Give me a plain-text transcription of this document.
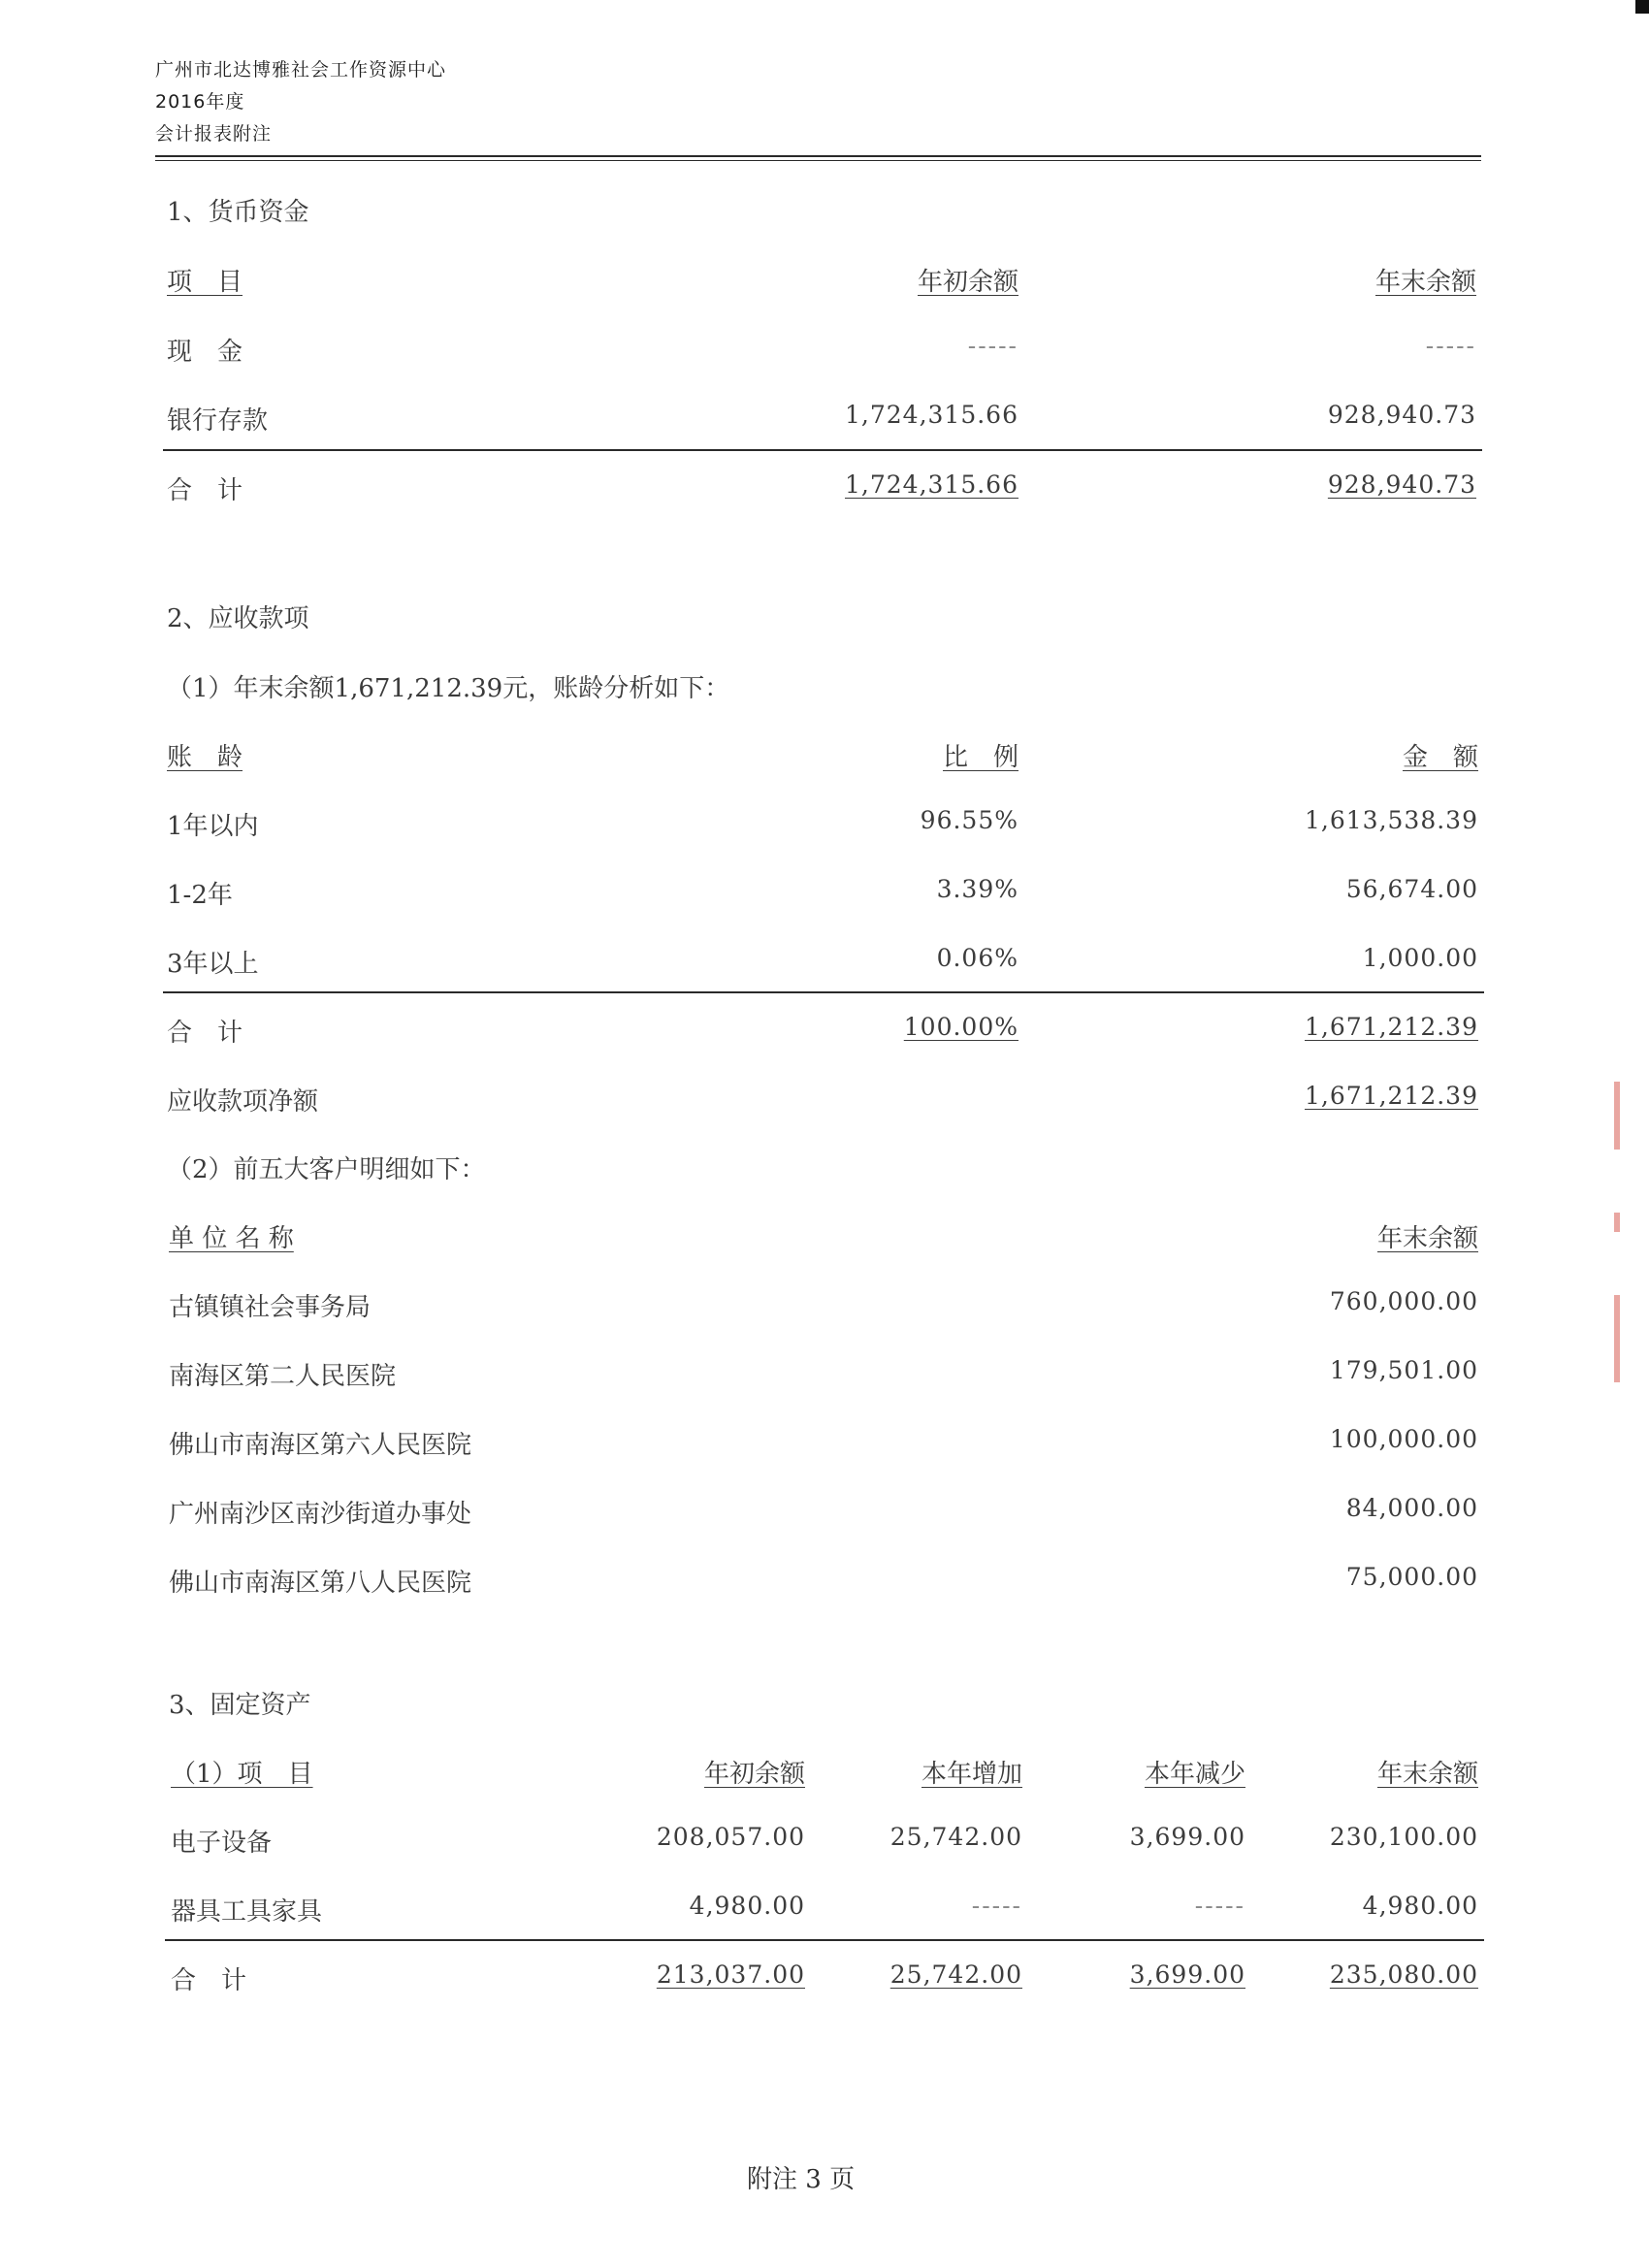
广州市北达博雅社会工作资源中心
2016年度
会计报表附注
1、货币资金
项　目	年初余额	年末余额
现　金	-----	-----
银行存款	1,724,315.66	928,940.73
合　计	1,724,315.66	928,940.73
2、应收款项
（1）年末余额1,671,212.39元，账龄分析如下：
账　龄	比　例	金　额
1年以内	96.55%	1,613,538.39
1-2年	3.39%	56,674.00
3年以上	0.06%	1,000.00
合　计	100.00%	1,671,212.39
应收款项净额	1,671,212.39
（2）前五大客户明细如下：
单 位 名 称	年末余额
古镇镇社会事务局	760,000.00
南海区第二人民医院	179,501.00
佛山市南海区第六人民医院	100,000.00
广州南沙区南沙街道办事处	84,000.00
佛山市南海区第八人民医院	75,000.00
3、固定资产
（1）项　目	年初余额	本年增加	本年减少	年末余额
电子设备	208,057.00	25,742.00	3,699.00	230,100.00
器具工具家具	4,980.00	-----	-----	4,980.00
合　计	213,037.00	25,742.00	3,699.00	235,080.00
附注 3 页
